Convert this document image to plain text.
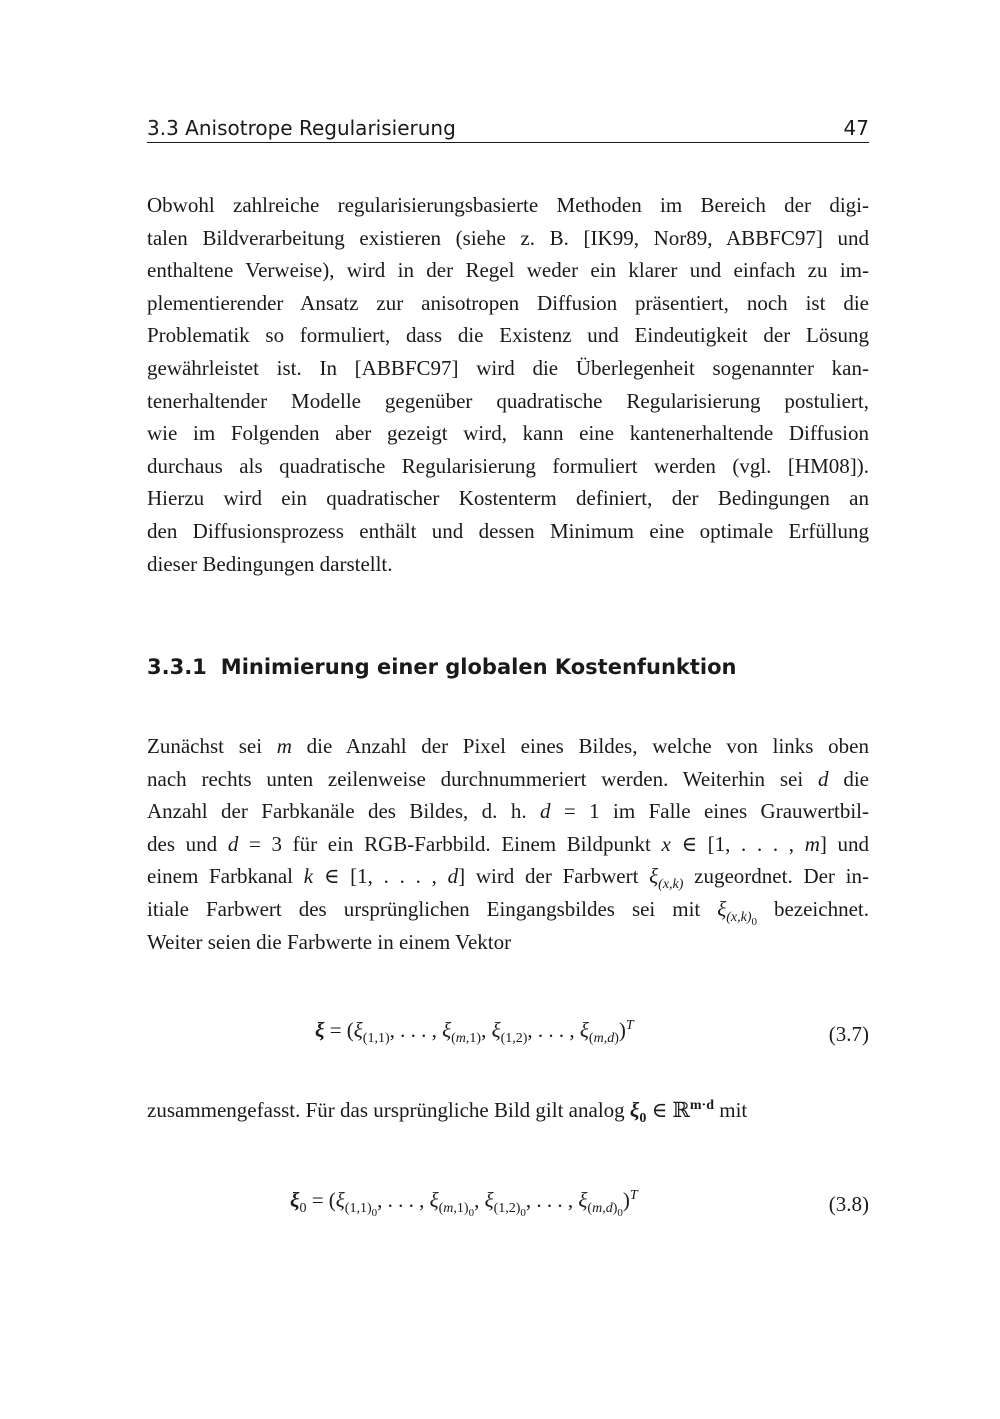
3.3 Anisotrope Regularisierung	47

Obwohl zahlreiche regularisierungsbasierte Methoden im Bereich der digi-
talen Bildverarbeitung existieren (siehe z. B. [IK99, Nor89, ABBFC97] und
enthaltene Verweise), wird in der Regel weder ein klarer und einfach zu im-
plementierender Ansatz zur anisotropen Diffusion präsentiert, noch ist die
Problematik so formuliert, dass die Existenz und Eindeutigkeit der Lösung
gewährleistet ist. In [ABBFC97] wird die Überlegenheit sogenannter kan-
tenerhaltender Modelle gegenüber quadratische Regularisierung postuliert,
wie im Folgenden aber gezeigt wird, kann eine kantenerhaltende Diffusion
durchaus als quadratische Regularisierung formuliert werden (vgl. [HM08]).
Hierzu wird ein quadratischer Kostenterm definiert, der Bedingungen an
den Diffusionsprozess enthält und dessen Minimum eine optimale Erfüllung
dieser Bedingungen darstellt.

3.3.1 Minimierung einer globalen Kostenfunktion

Zunächst sei m die Anzahl der Pixel eines Bildes, welche von links oben
nach rechts unten zeilenweise durchnummeriert werden. Weiterhin sei d die
Anzahl der Farbkanäle des Bildes, d. h. d = 1 im Falle eines Grauwertbil-
des und d = 3 für ein RGB-Farbbild. Einem Bildpunkt x ∈ [1, . . . , m] und
einem Farbkanal k ∈ [1, . . . , d] wird der Farbwert $\xi_{(x,k)}$ zugeordnet. Der in-
itiale Farbwert des ursprünglichen Eingangsbildes sei mit $\xi_{(x,k)_0}$ bezeichnet.
Weiter seien die Farbwerte in einem Vektor

$\xi = (\xi_{(1,1)}$, . . . , $\xi_{(m,1)}$, $\xi_{(1,2)}$, . . . , $\xi_{(m,d)})^T$	(3.7)

zusammengefasst. Für das ursprüngliche Bild gilt analog $\xi_0$ ∈ ℝ$^{m\cdot d}$ mit

$\xi_0 = (\xi_{(1,1)_0}$, . . . , $\xi_{(m,1)_0}$, $\xi_{(1,2)_0}$, . . . , $\xi_{(m,d)_0})^T$	(3.8)
